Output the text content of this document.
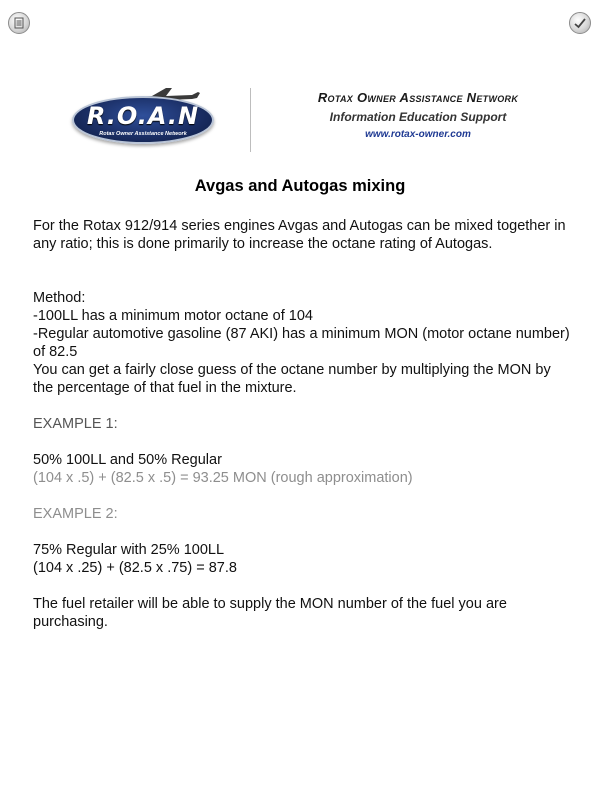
R.O.A.N
Rotax Owner Assistance Network
Rotax Owner Assistance Network
Information Education Support
www.rotax-owner.com
Avgas and Autogas mixing

For the Rotax 912/914 series engines Avgas and Autogas can be mixed together in any ratio; this is done primarily to increase the octane rating of Autogas.

Method:

-100LL has a minimum motor octane of 104

-Regular automotive gasoline (87 AKI) has a minimum MON (motor octane number) of 82.5

You can get a fairly close guess of the octane number by multiplying the MON by the percentage of that fuel in the mixture.

EXAMPLE 1:

50% 100LL and 50% Regular

(104 x .5) + (82.5 x .5) = 93.25 MON (rough approximation)

EXAMPLE 2:

75% Regular with 25% 100LL

(104 x .25) + (82.5 x .75) = 87.8

The fuel retailer will be able to supply the MON number of the fuel you are purchasing.
